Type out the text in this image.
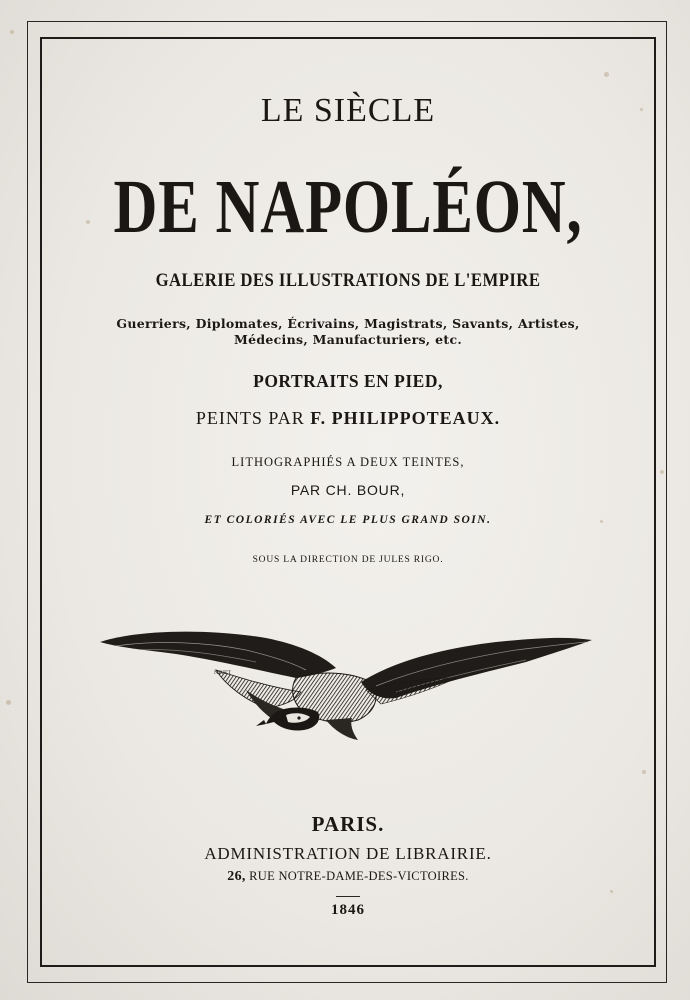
LE SIÈCLE
DE NAPOLÉON,
GALERIE DES ILLUSTRATIONS DE L'EMPIRE
Guerriers, Diplomates, Écrivains, Magistrats, Savants, Artistes,
Médecins, Manufacturiers, etc.
PORTRAITS EN PIED,
PEINTS PAR F. PHILIPPOTEAUX.
LITHOGRAPHIÉS A DEUX TEINTES,
PAR CH. BOUR,
ET COLORIÉS AVEC LE PLUS GRAND SOIN.
SOUS LA DIRECTION DE JULES RIGO.
NIVET
PARIS.
ADMINISTRATION DE LIBRAIRIE.
26, RUE NOTRE-DAME-DES-VICTOIRES.
1846
